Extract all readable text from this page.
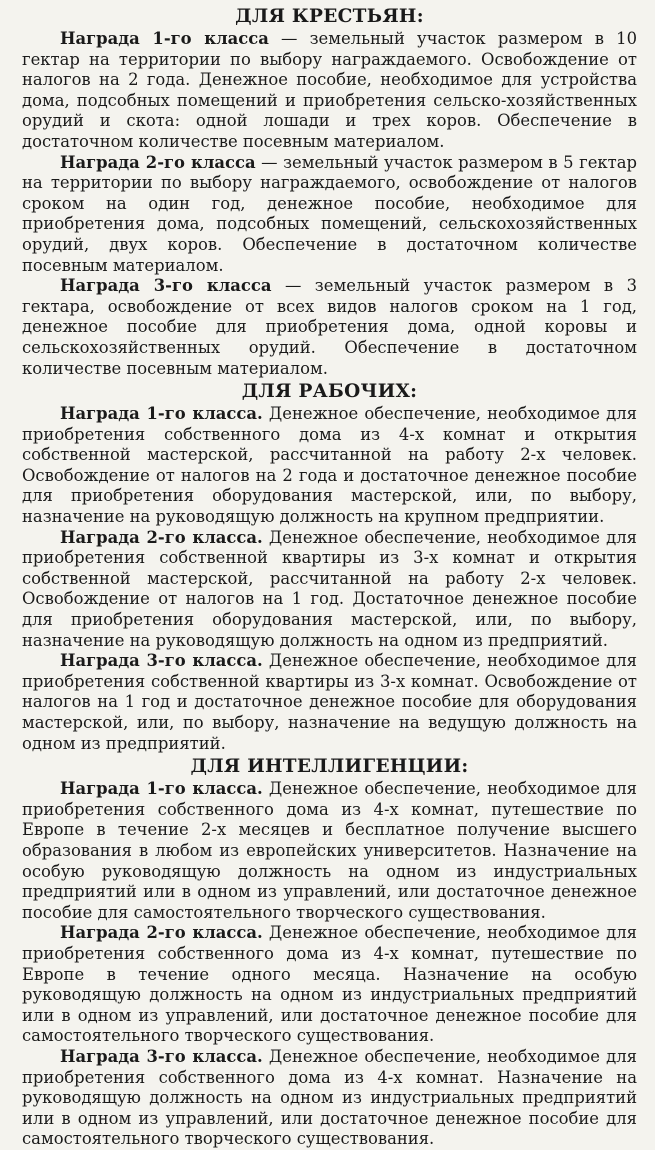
ДЛЯ КРЕСТЬЯН:

Награда 1-го класса — земельный участок размером в 10 гектар на территории по выбору награждаемого. Освобождение от налогов на 2 года. Денежное пособие, необходимое для устройства дома, подсобных помещений и приобретения сельско-хозяйственных орудий и скота: одной лошади и трех коров. Обеспечение в достаточном количестве посевным материалом.

Награда 2-го класса — земельный участок размером в 5 гектар на территории по выбору награждаемого, освобождение от налогов сроком на один год, денежное пособие, необходимое для приобретения дома, подсобных помещений, сельскохозяйственных орудий, двух коров. Обеспечение в достаточном количестве посевным материалом.

Награда 3-го класса — земельный участок размером в 3 гектара, освобождение от всех видов налогов сроком на 1 год, денежное пособие для приобретения дома, одной коровы и сельскохозяйственных орудий. Обеспечение в достаточном количестве посевным материалом.

ДЛЯ РАБОЧИХ:

Награда 1-го класса. Денежное обеспечение, необходимое для приобретения собственного дома из 4-х комнат и открытия собственной мастерской, рассчитанной на работу 2-х человек. Освобождение от налогов на 2 года и достаточное денежное пособие для приобретения оборудования мастерской, или, по выбору, назначение на руководящую должность на крупном предприятии.

Награда 2-го класса. Денежное обеспечение, необходимое для приобретения собственной квартиры из 3-х комнат и открытия собственной мастерской, рассчитанной на работу 2-х человек. Освобождение от налогов на 1 год. Достаточное денежное пособие для приобретения оборудования мастерской, или, по выбору, назначение на руководящую должность на одном из предприятий.

Награда 3-го класса. Денежное обеспечение, необходимое для приобретения собственной квартиры из 3-х комнат. Освобождение от налогов на 1 год и достаточное денежное пособие для оборудования мастерской, или, по выбору, назначение на ведущую должность на одном из предприятий.

ДЛЯ ИНТЕЛЛИГЕНЦИИ:

Награда 1-го класса. Денежное обеспечение, необходимое для приобретения собственного дома из 4-х комнат, путешествие по Европе в течение 2-х месяцев и бесплатное получение высшего образования в любом из европейских университетов. Назначение на особую руководящую должность на одном из индустриальных предприятий или в одном из управлений, или достаточное денежное пособие для самостоятельного творческого существования.

Награда 2-го класса. Денежное обеспечение, необходимое для приобретения собственного дома из 4-х комнат, путешествие по Европе в течение одного месяца. Назначение на особую руководящую должность на одном из индустриальных предприятий или в одном из управлений, или достаточное денежное пособие для самостоятельного творческого существования.

Награда 3-го класса. Денежное обеспечение, необходимое для приобретения собственного дома из 4-х комнат. Назначение на руководящую должность на одном из индустриальных предприятий или в одном из управлений, или достаточное денежное пособие для самостоятельного творческого существования.
